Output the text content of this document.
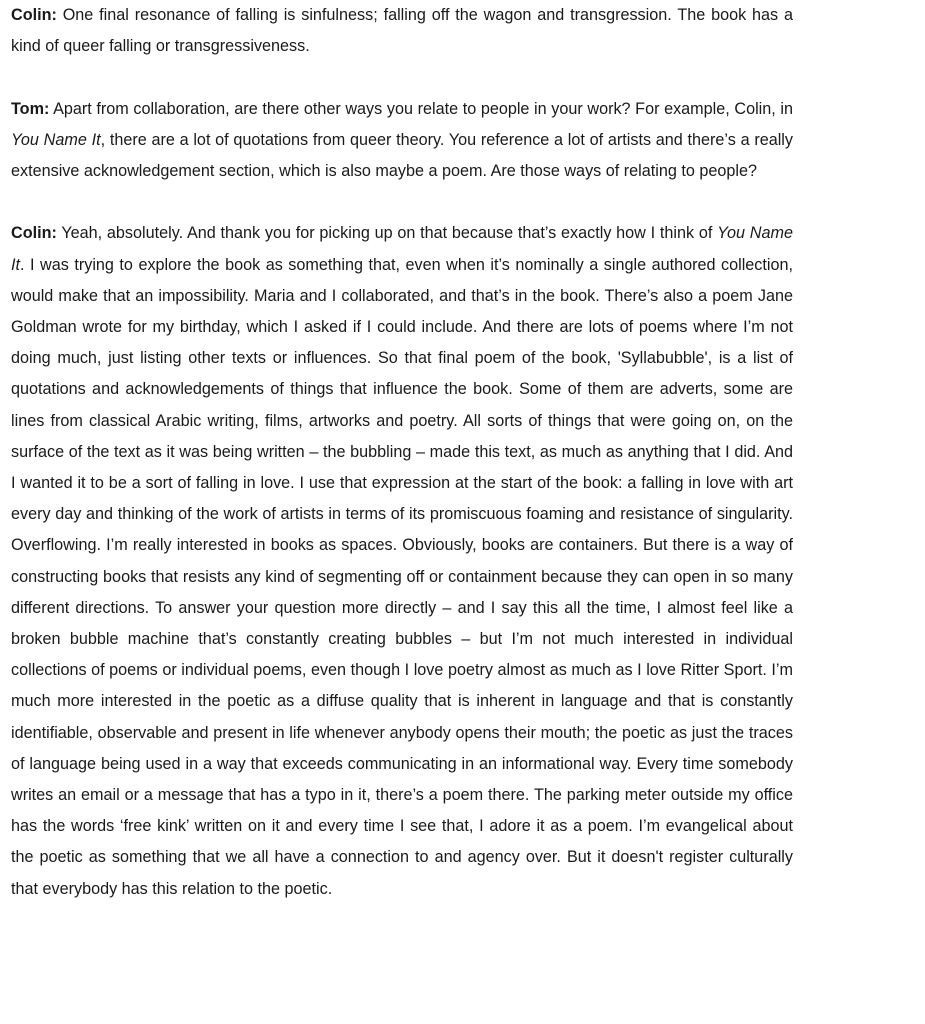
Colin: One final resonance of falling is sinfulness; falling off the wagon and transgression. The book has a kind of queer falling or transgressiveness.

Tom: Apart from collaboration, are there other ways you relate to people in your work? For example, Colin, in You Name It, there are a lot of quotations from queer theory. You reference a lot of artists and there’s a really extensive acknowledgement section, which is also maybe a poem. Are those ways of relating to people?

Colin: Yeah, absolutely. And thank you for picking up on that because that’s exactly how I think of You Name It. I was trying to explore the book as something that, even when it’s nominally a single authored collection, would make that an impossibility. Maria and I collaborated, and that’s in the book. There’s also a poem Jane Goldman wrote for my birthday, which I asked if I could include. And there are lots of poems where I’m not doing much, just listing other texts or influences. So that final poem of the book, 'Syllabubble', is a list of quotations and acknowledgements of things that influence the book. Some of them are adverts, some are lines from classical Arabic writing, films, artworks and poetry. All sorts of things that were going on, on the surface of the text as it was being written – the bubbling – made this text, as much as anything that I did. And I wanted it to be a sort of falling in love. I use that expression at the start of the book: a falling in love with art every day and thinking of the work of artists in terms of its promiscuous foaming and resistance of singularity. Overflowing. I’m really interested in books as spaces. Obviously, books are containers. But there is a way of constructing books that resists any kind of segmenting off or containment because they can open in so many different directions. To answer your question more directly – and I say this all the time, I almost feel like a broken bubble machine that’s constantly creating bubbles – but I’m not much interested in individual collections of poems or individual poems, even though I love poetry almost as much as I love Ritter Sport. I’m much more interested in the poetic as a diffuse quality that is inherent in language and that is constantly identifiable, observable and present in life whenever anybody opens their mouth; the poetic as just the traces of language being used in a way that exceeds communicating in an informational way. Every time somebody writes an email or a message that has a typo in it, there’s a poem there. The parking meter outside my office has the words ‘free kink’ written on it and every time I see that, I adore it as a poem. I’m evangelical about the poetic as something that we all have a connection to and agency over. But it doesn't register culturally that everybody has this relation to the poetic.
